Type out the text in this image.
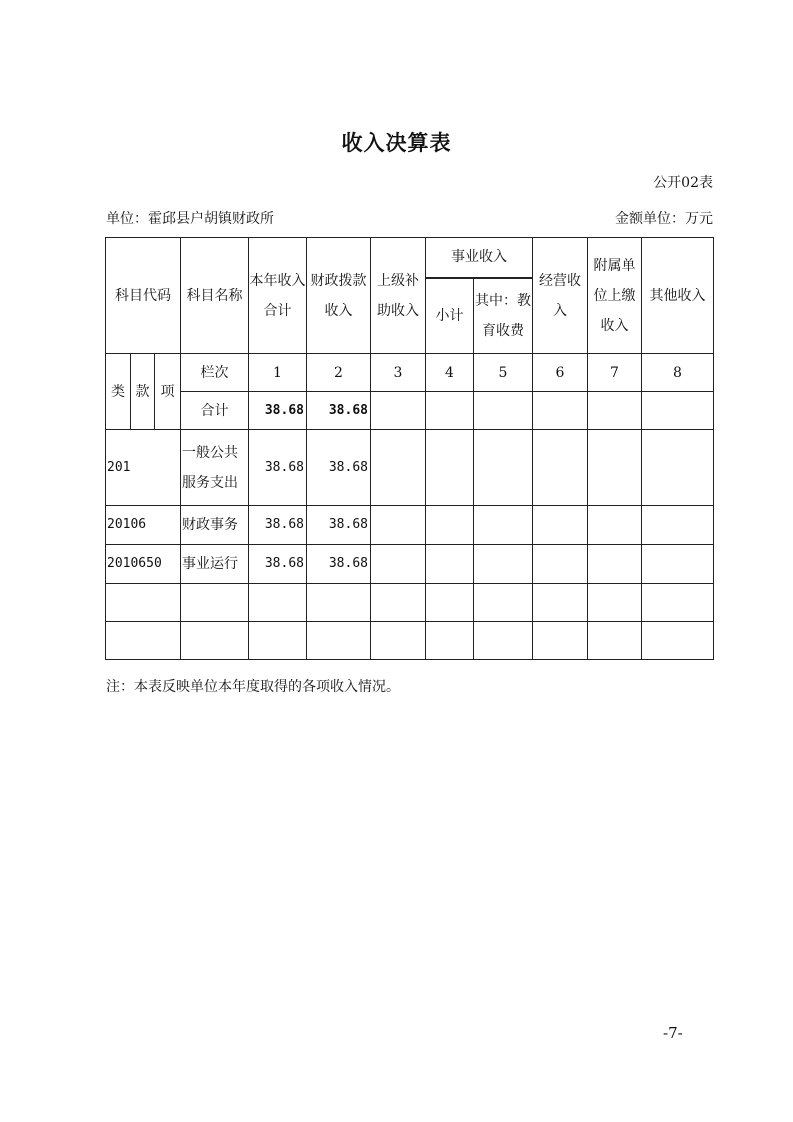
收入决算表
公开02表
单位：霍邱县户胡镇财政所	金额单位：万元
科目代码			科目名称	本年收入合计	财政拨款收入	上级补助收入	事业收入		经营收入	附属单位上缴收入	其他收入
							小计	其中：教育收费			
类	款	项	栏次	1	2	3	4	5	6	7	8
			合计	38.68	38.68						
201			一般公共服务支出	38.68	38.68						
20106			财政事务	38.68	38.68						
2010650			事业运行	38.68	38.68						

注：本表反映单位本年度取得的各项收入情况。
-7-
